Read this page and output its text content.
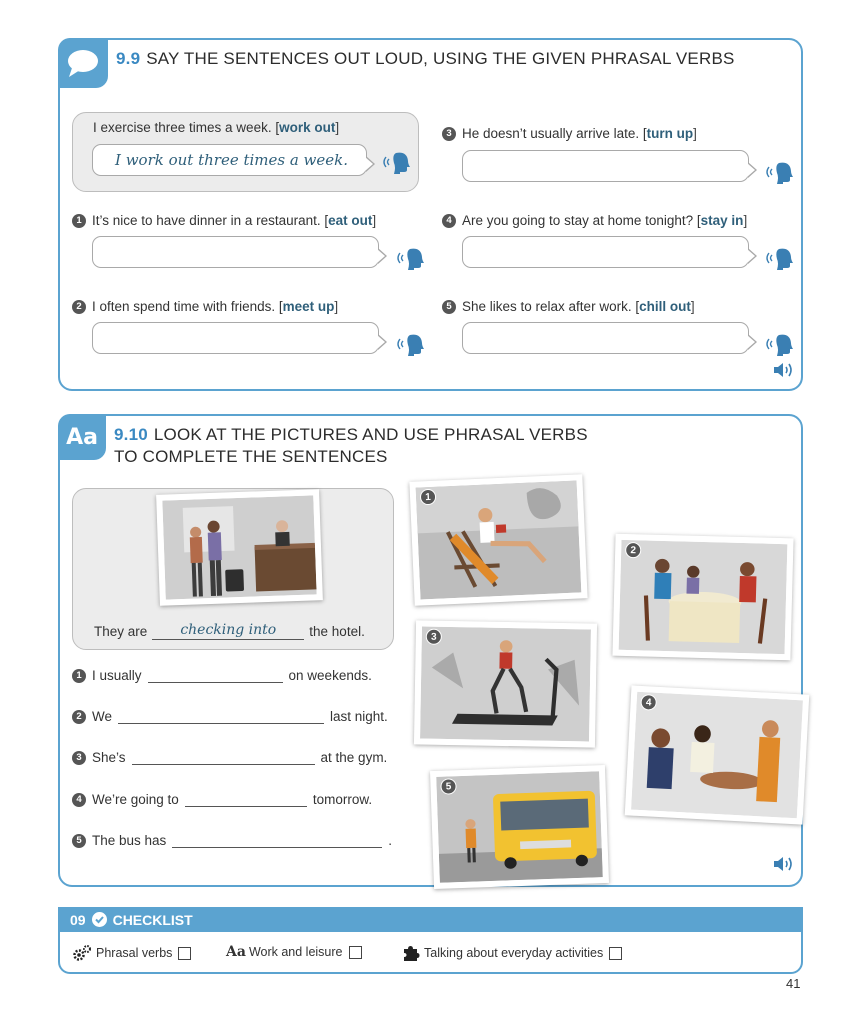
9.9 SAY THE SENTENCES OUT LOUD, USING THE GIVEN PHRASAL VERBS
I exercise three times a week. [ work out ]
I work out three times a week.
1 It’s nice to have dinner in a restaurant. [ eat out ]
2 I often spend time with friends. [ meet up ]
3 He doesn’t usually arrive late. [ turn up ]
4 Are you going to stay at home tonight? [ stay in ]
5 She likes to relax after work. [ chill out ]
Aa 9.10 LOOK AT THE PICTURES AND USE PHRASAL VERBS
TO COMPLETE THE SENTENCES
They are	checking into	the hotel.
1 I usually	on weekends.
2 We	last night.
3 She’s	at the gym.
4 We’re going to	tomorrow.
5 The bus has	.
1
2
3
4
5
09 CHECKLIST
Phrasal verbs	Aa Work and leisure	Talking about everyday activities
41
